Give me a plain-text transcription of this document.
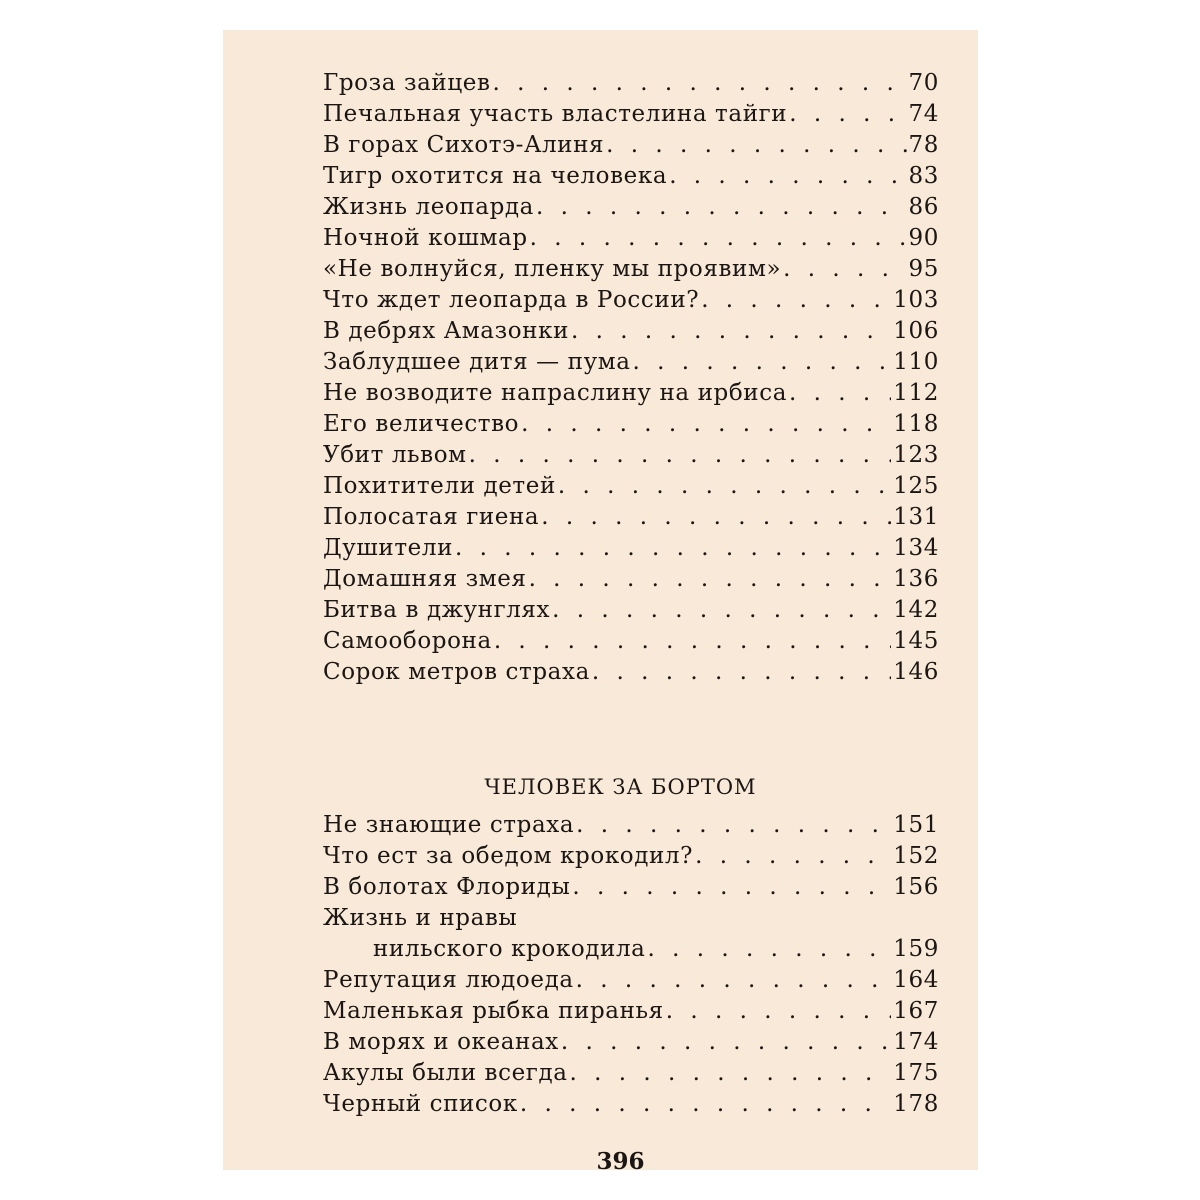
Гроза зайцев . . .	70
Печальная участь властелина тайги . . .	74
В горах Сихотэ-Алиня . . .	78
Тигр охотится на человека . . .	83
Жизнь леопарда . . .	86
Ночной кошмар . . .	90
«Не волнуйся, пленку мы проявим» . . .	95
Что ждет леопарда в России? . . .	103
В дебрях Амазонки . . .	106
Заблудшее дитя — пума . . .	110
Не возводите напраслину на ирбиса . . .	112
Его величество . . .	118
Убит львом . . .	123
Похитители детей . . .	125
Полосатая гиена . . .	131
Душители . . .	134
Домашняя змея . . .	136
Битва в джунглях . . .	142
Самооборона . . .	145
Сорок метров страха . . .	146
ЧЕЛОВЕК ЗА БОРТОМ
Не знающие страха . . .	151
Что ест за обедом крокодил? . . .	152
В болотах Флориды . . .	156
Жизнь и нравы
нильского крокодила . . .	159
Репутация людоеда . . .	164
Маленькая рыбка пиранья . . .	167
В морях и океанах . . .	174
Акулы были всегда . . .	175
Черный список . . .	178
396
